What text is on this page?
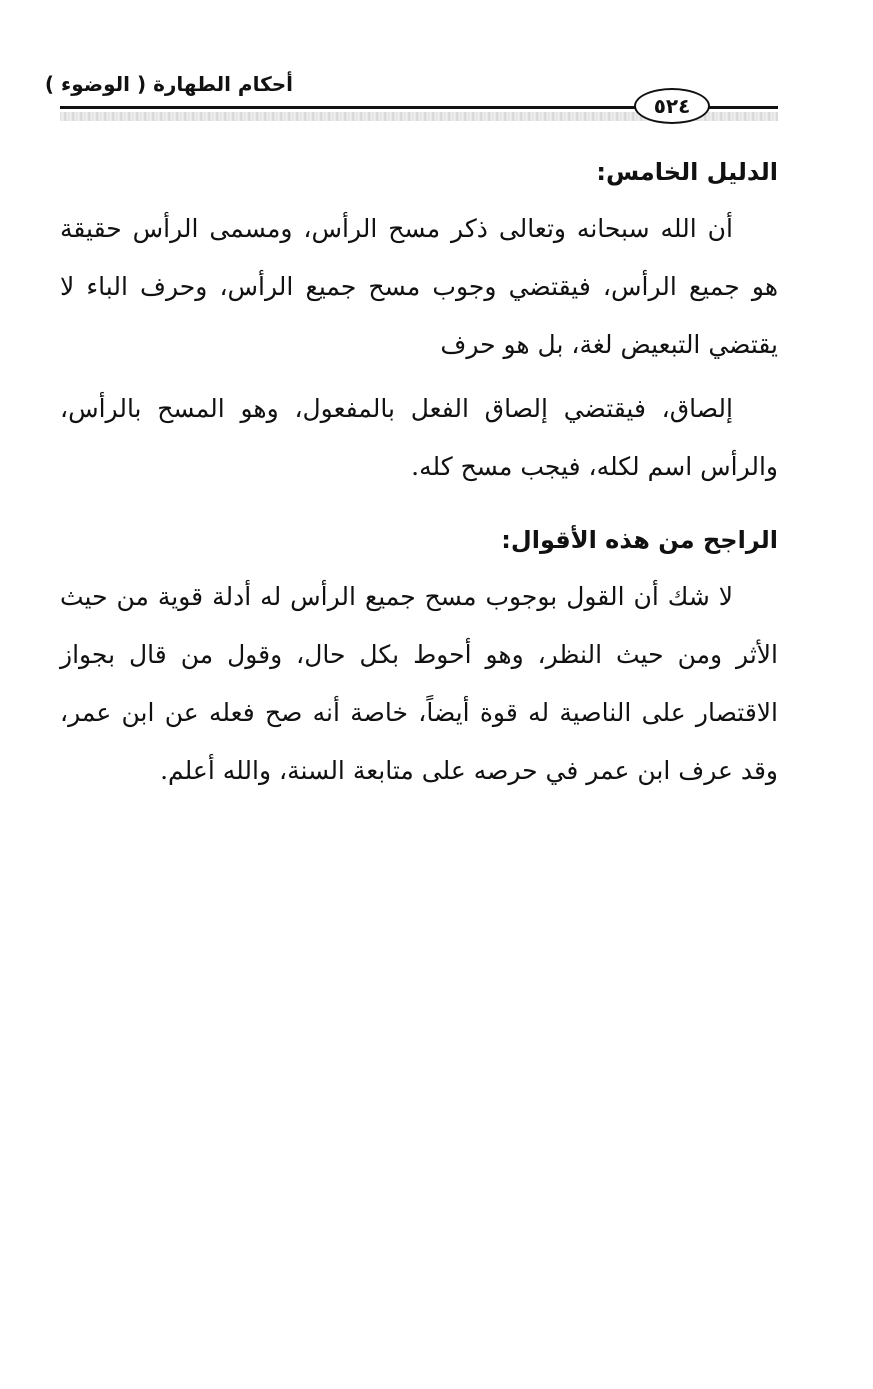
أحكام الطهارة ( الوضوء )
٥٢٤

الدليل الخامس:

أن الله سبحانه وتعالى ذكر مسح الرأس، ومسمى الرأس حقيقة هو جميع الرأس، فيقتضي وجوب مسح جميع الرأس، وحرف الباء لا يقتضي التبعيض لغة، بل هو حرف

إلصاق، فيقتضي إلصاق الفعل بالمفعول، وهو المسح بالرأس، والرأس اسم لكله، فيجب مسح كله.

الراجح من هذه الأقوال:

لا شك أن القول بوجوب مسح جميع الرأس له أدلة قوية من حيث الأثر ومن حيث النظر، وهو أحوط بكل حال، وقول من قال بجواز الاقتصار على الناصية له قوة أيضاً، خاصة أنه صح فعله عن ابن عمر، وقد عرف ابن عمر في حرصه على متابعة السنة، والله أعلم.
